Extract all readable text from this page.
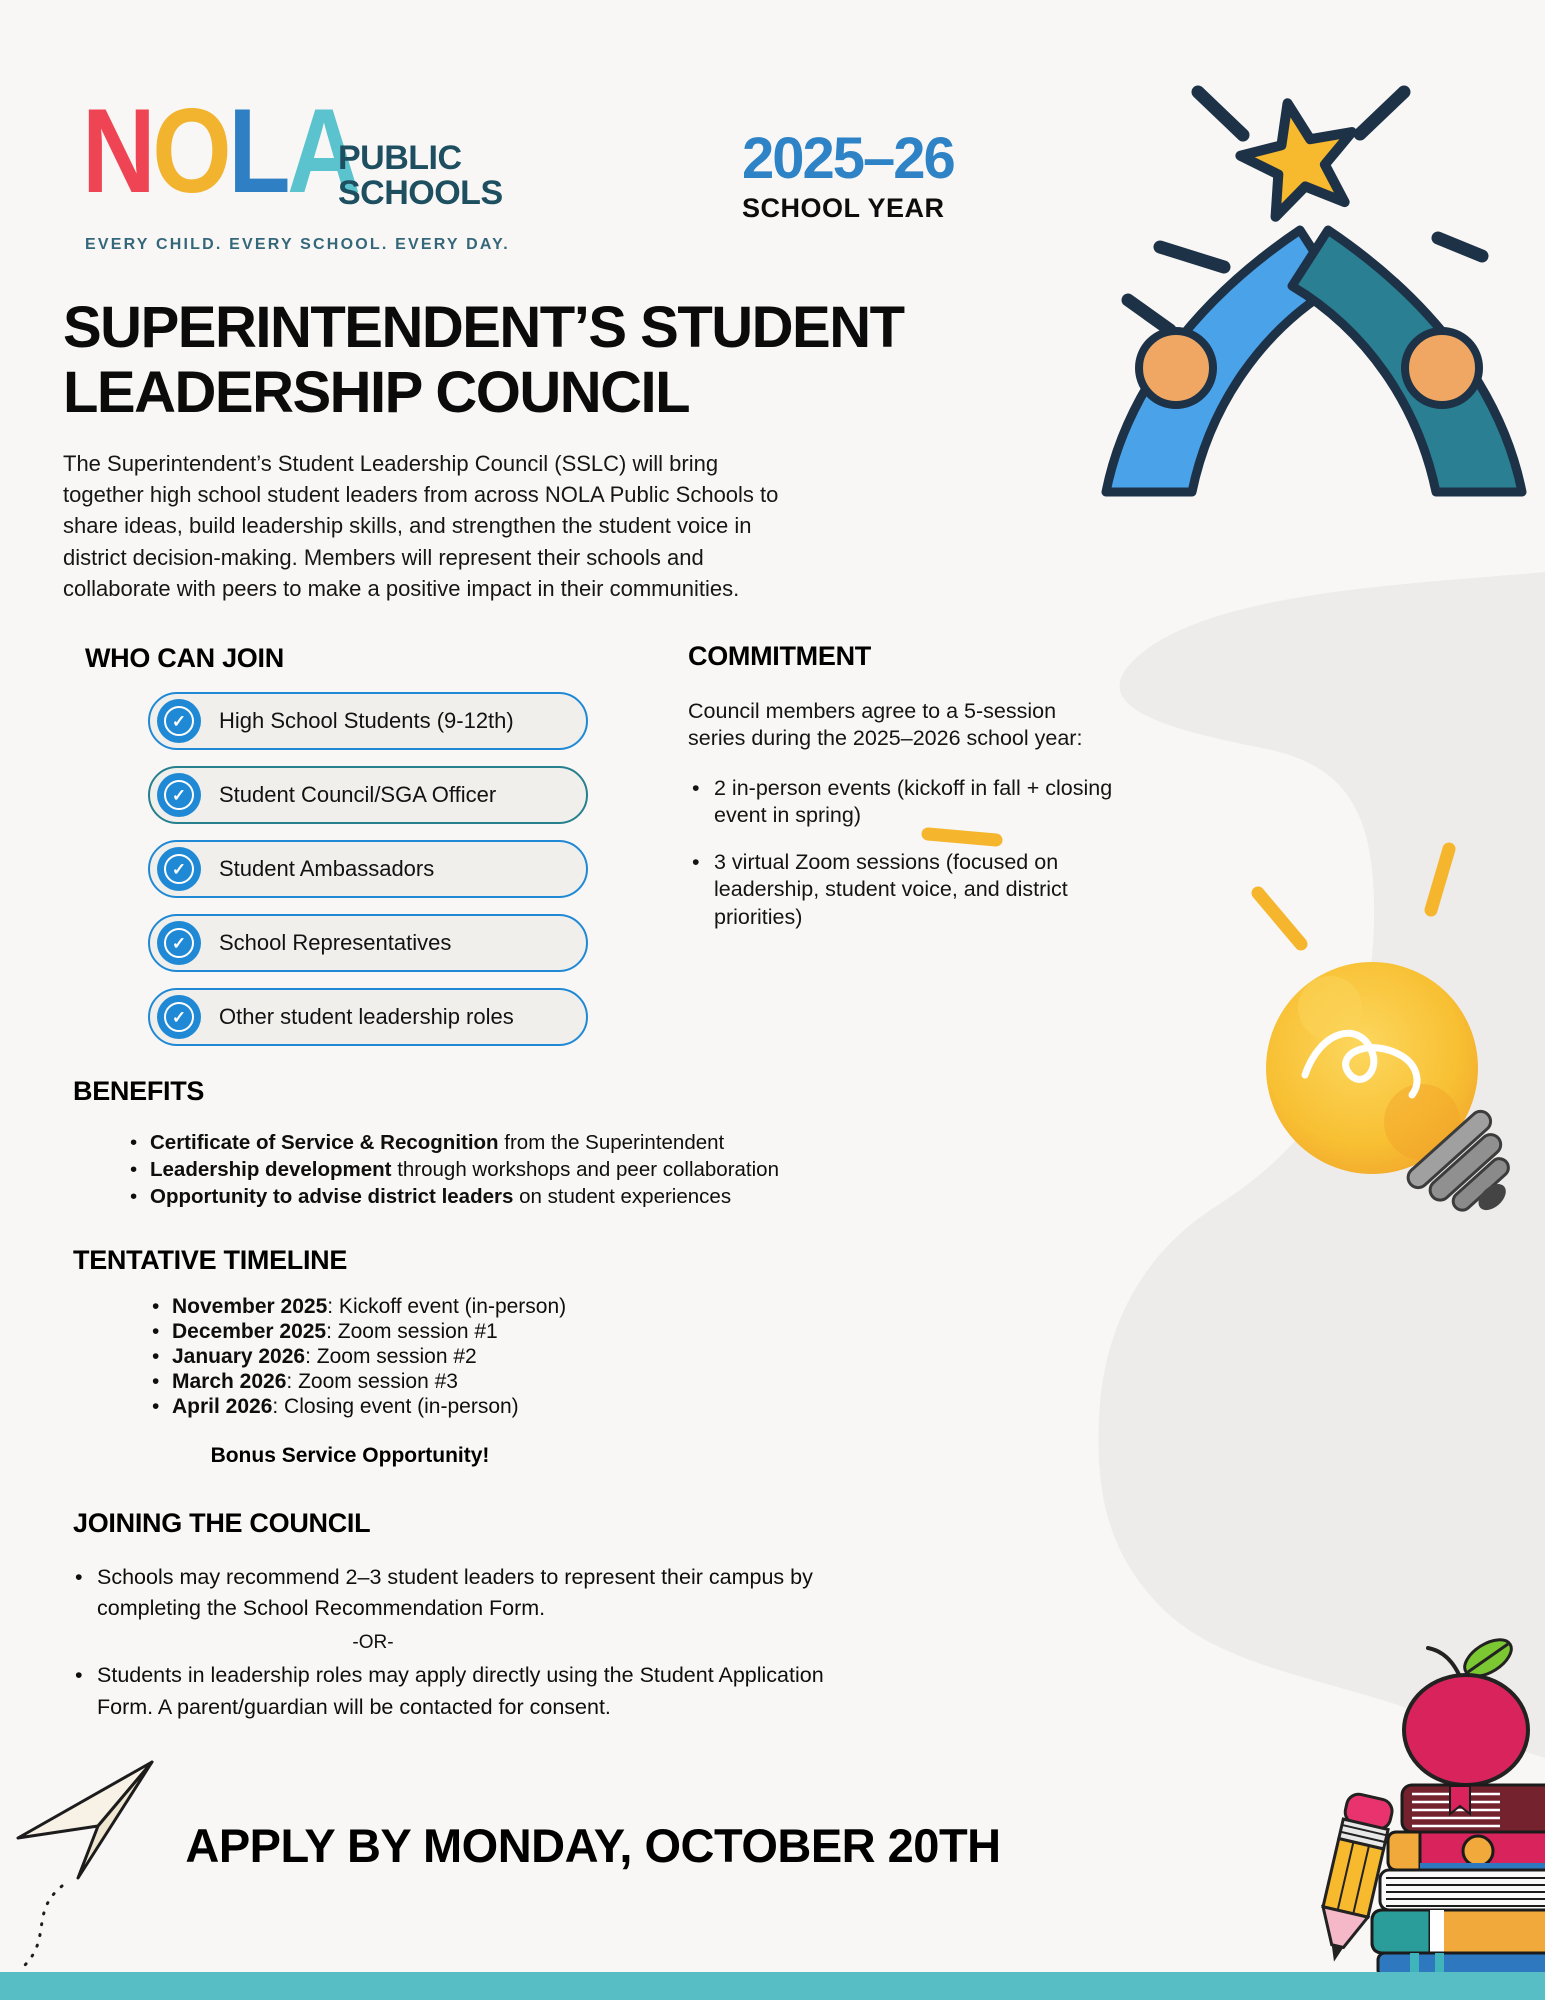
NOLA
PUBLIC
SCHOOLS
EVERY CHILD. EVERY SCHOOL. EVERY DAY.
2025–26
SCHOOL YEAR
SUPERINTENDENT’S STUDENT
LEADERSHIP COUNCIL

The Superintendent’s Student Leadership Council (SSLC) will bring together high school student leaders from across NOLA Public Schools to share ideas, build leadership skills, and strengthen the student voice in district decision-making. Members will represent their schools and collaborate with peers to make a positive impact in their communities.

WHO CAN JOIN
✓
High School Students (9-12th)
✓
Student Council/SGA Officer
✓
Student Ambassadors
✓
School Representatives
✓
Other student leadership roles
COMMITMENT

Council members agree to a 5-session series during the 2025–2026 school year:

• 2 in-person events (kickoff in fall + closing event in spring)
• 3 virtual Zoom sessions (focused on leadership, student voice, and district priorities)
BENEFITS
• Certificate of Service & Recognition from the Superintendent
• Leadership development through workshops and peer collaboration
• Opportunity to advise district leaders on student experiences
TENTATIVE TIMELINE
• November 2025: Kickoff event (in-person)
• December 2025: Zoom session #1
• January 2026: Zoom session #2
• March 2026: Zoom session #3
• April 2026: Closing event (in-person)
Bonus Service Opportunity!
JOINING THE COUNCIL
• Schools may recommend 2–3 student leaders to represent their campus by completing the School Recommendation Form.
-OR-
• Students in leadership roles may apply directly using the Student Application Form. A parent/guardian will be contacted for consent.
APPLY BY MONDAY, OCTOBER 20TH
